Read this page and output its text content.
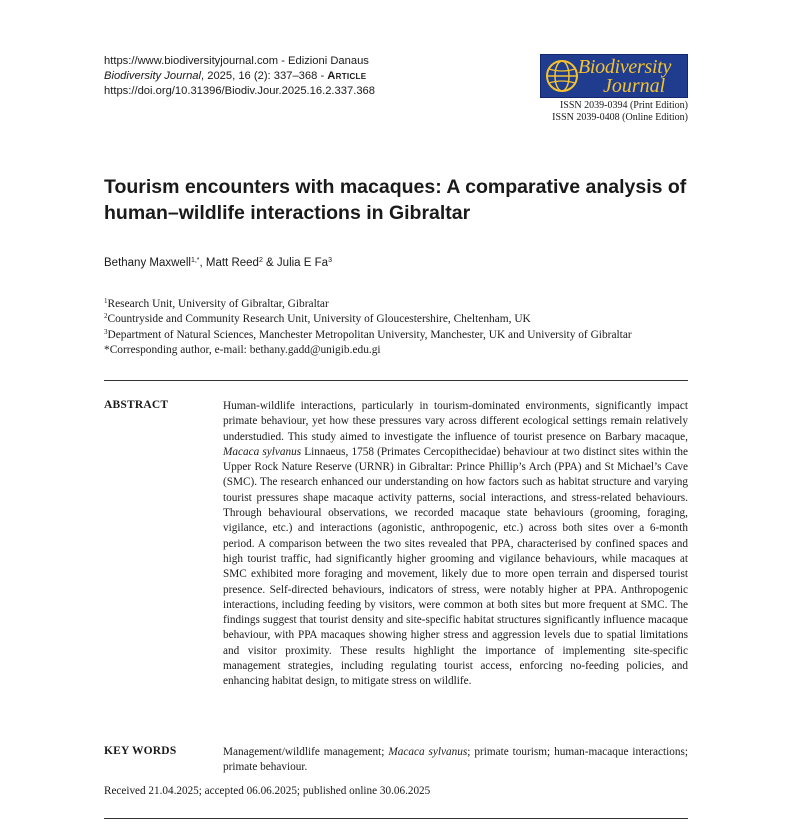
https://www.biodiversityjournal.com - Edizioni Danaus
Biodiversity Journal, 2025, 16 (2): 337–368 - Article
https://doi.org/10.31396/Biodiv.Jour.2025.16.2.337.368
Biodiversity
Journal
ISSN 2039-0394 (Print Edition)
ISSN 2039-0408 (Online Edition)
Tourism encounters with macaques: A comparative analysis of human–wildlife interactions in Gibraltar
Bethany Maxwell$^{1,*}$, Matt Reed$^2$ & Julia E Fa$^3$
$^1$Research Unit, University of Gibraltar, Gibraltar
$^2$Countryside and Community Research Unit, University of Gloucestershire, Cheltenham, UK
$^3$Department of Natural Sciences, Manchester Metropolitan University, Manchester, UK and University of Gibraltar
*Corresponding author, e-mail: bethany.gadd@unigib.edu.gi
ABSTRACT	Human-wildlife interactions, particularly in tourism-dominated environments, significantly impact primate behaviour, yet how these pressures vary across different ecological settings remain relatively understudied. This study aimed to investigate the influence of tourist presence on Barbary macaque, Macaca sylvanus Linnaeus, 1758 (Primates Cercopithecidae) behaviour at two distinct sites within the Upper Rock Nature Reserve (URNR) in Gibraltar: Prince Phillip’s Arch (PPA) and St Michael’s Cave (SMC). The research enhanced our understanding on how factors such as habitat structure and varying tourist pressures shape macaque activity patterns, social interactions, and stress-related behaviours. Through behavioural observations, we recorded macaque state behaviours (grooming, foraging, vigilance, etc.) and interactions (agonistic, anthropogenic, etc.) across both sites over a 6-month period. A comparison between the two sites revealed that PPA, characterised by confined spaces and high tourist traffic, had significantly higher grooming and vigilance behaviours, while macaques at SMC exhibited more foraging and movement, likely due to more open terrain and dispersed tourist presence. Self-directed behaviours, indicators of stress, were notably higher at PPA. Anthropogenic interactions, including feeding by visitors, were common at both sites but more frequent at SMC. The findings suggest that tourist density and site-specific habitat structures significantly influence macaque behaviour, with PPA macaques showing higher stress and aggression levels due to spatial limitations and visitor proximity. These results highlight the importance of implementing site-specific management strategies, including regulating tourist access, enforcing no-feeding policies, and enhancing habitat design, to mitigate stress on wildlife.
KEY WORDS	Management/wildlife management; Macaca sylvanus; primate tourism; human-macaque interactions; primate behaviour.
Received 21.04.2025; accepted 06.06.2025; published online 30.06.2025
